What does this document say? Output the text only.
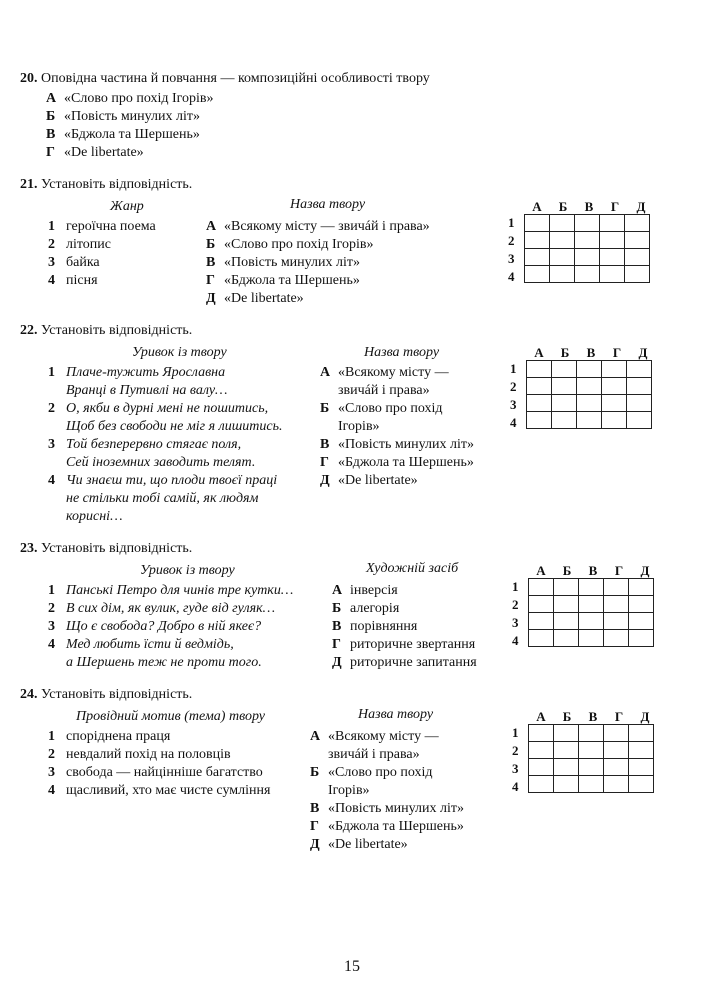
20. Оповідна частина й повчання — композиційні особливості твору
А «Слово про похід Ігорів»
Б «Повість минулих літ»
В «Бджола та Шершень»
Г «De libertate»
21. Установіть відповідність.
Жанр	Назва твору
1 героїчна поема
2 літопис
3 байка
4 пісня
А «Всякому місту — звичáй і права»
Б «Слово про похід Ігорів»
В «Повість минулих літ»
Г «Бджола та Шершень»
Д «De libertate»
22. Установіть відповідність.
Уривок із твору	Назва твору
1 Плаче-тужить Ярославна
Вранці в Путивлі на валу…
2 О, якби в дурні мені не пошитись,
Щоб без свободи не міг я лишитись.
3 Той безперервно стягає поля,
Сей іноземних заводить телят.
4 Чи знаєш ти, що плоди твоєї праці
не стільки тобі самій, як людям
корисні…
А «Всякому місту —
звичáй і права»
Б «Слово про похід
Ігорів»
В «Повість минулих літ»
Г «Бджола та Шершень»
Д «De libertate»
23. Установіть відповідність.
Уривок із твору	Художній засіб
1 Панські Петро для чинів тре кутки…
2 В сих дім, як вулик, гуде від гуляк…
3 Що є свобода? Добро в ній якеє?
4 Мед любить їсти й ведмідь,
а Шершень теж не проти того.
А інверсія
Б алегорія
В порівняння
Г риторичне звертання
Д риторичне запитання
24. Установіть відповідність.
Провідний мотив (тема) твору	Назва твору
1 споріднена праця
2 невдалий похід на половців
3 свобода — найцінніше багатство
4 щасливий, хто має чисте сумління
А «Всякому місту —
звичáй і права»
Б «Слово про похід
Ігорів»
В «Повість минулих літ»
Г «Бджола та Шершень»
Д «De libertate»
А	Б	В	Г	Д
1
2
3
4

А	Б	В	Г	Д
1
2
3
4

А	Б	В	Г	Д
1
2
3
4

А	Б	В	Г	Д
1
2
3
4

15
